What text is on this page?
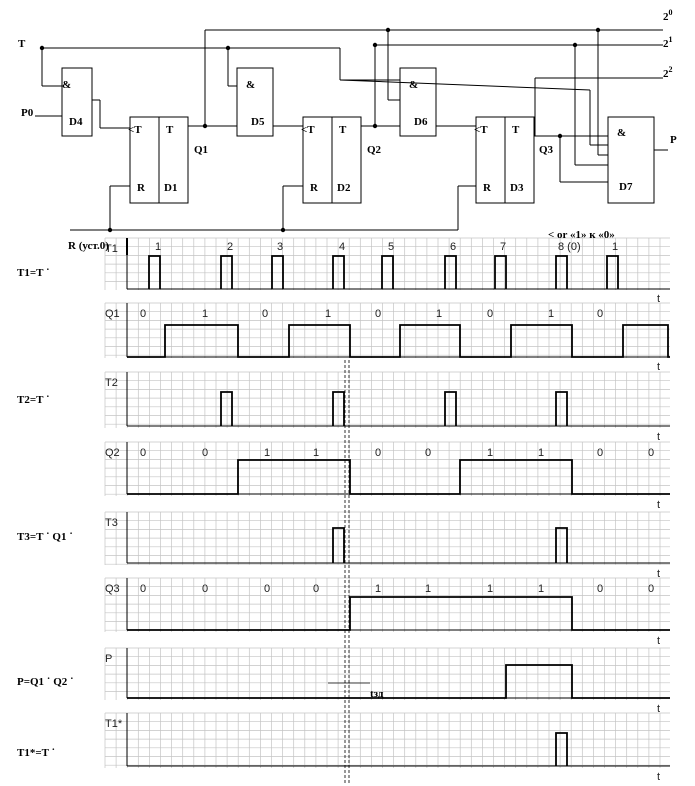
$2^0$
$2^1$
$2^2$
T
P0
P
&
D4
&
D5
&
D6
&
D7
<T T
R D1
Q1
<T T
R D2
Q2
<T T
R D3
Q3
t
t
t
t
t
t
t
t
1	2	3	4	5	6	7	8 (0)	1
T1
T1=T ˙
Q1
T2
T2=T ˙
Q2
T3
T3=T ˙ Q1 ˙
Q3
P
P=Q1 ˙ Q2 ˙
T1*
T1*=T ˙
0	1	0	1	0	1	0	1	0
0	0	1	1	0	0	1	1	0	0
0	0	0	0	1	1	1	1	0	0
R (уст.0)
< or «1» к «0»
tзд
